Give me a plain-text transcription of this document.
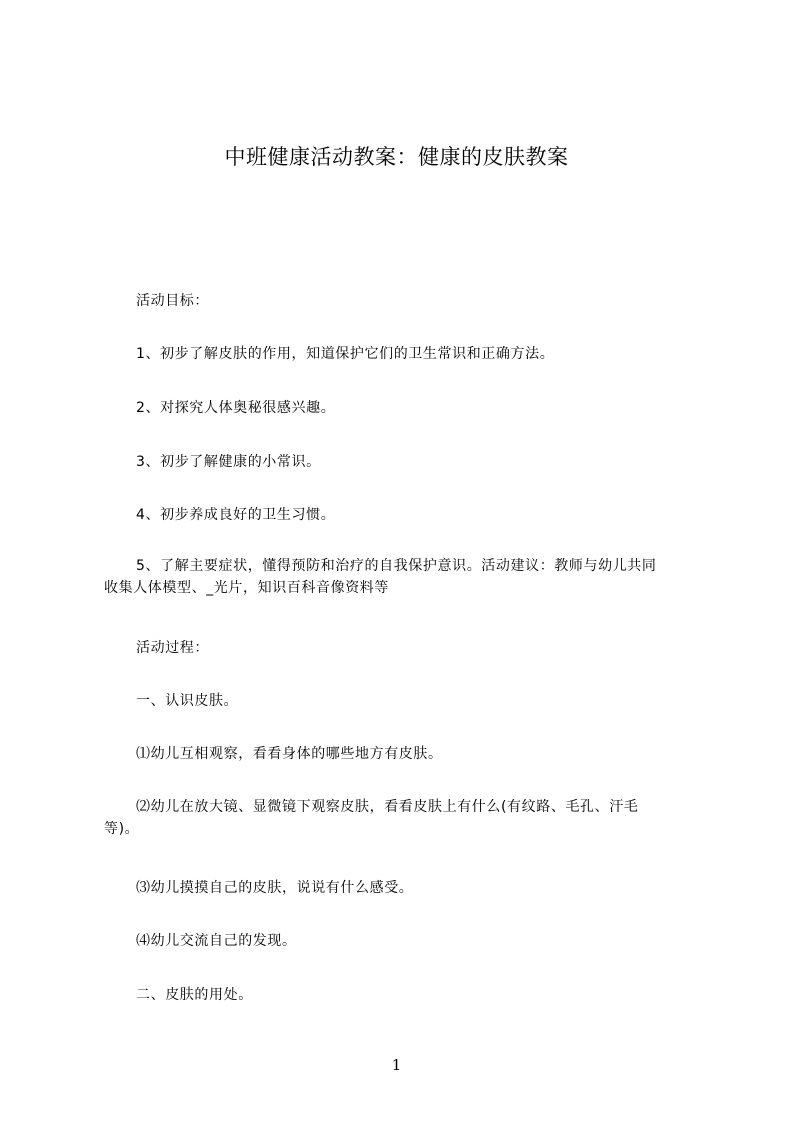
中班健康活动教案：健康的皮肤教案
活动目标：
1、初步了解皮肤的作用，知道保护它们的卫生常识和正确方法。
2、对探究人体奥秘很感兴趣。
3、初步了解健康的小常识。
4、初步养成良好的卫生习惯。
5、了解主要症状，懂得预防和治疗的自我保护意识。活动建议：教师与幼儿共同
收集人体模型、_光片，知识百科音像资料等
活动过程：
一、认识皮肤。
⑴幼儿互相观察，看看身体的哪些地方有皮肤。
⑵幼儿在放大镜、显微镜下观察皮肤，看看皮肤上有什么(有纹路、毛孔、汗毛
等)。
⑶幼儿摸摸自己的皮肤，说说有什么感受。
⑷幼儿交流自己的发现。
二、皮肤的用处。
1
